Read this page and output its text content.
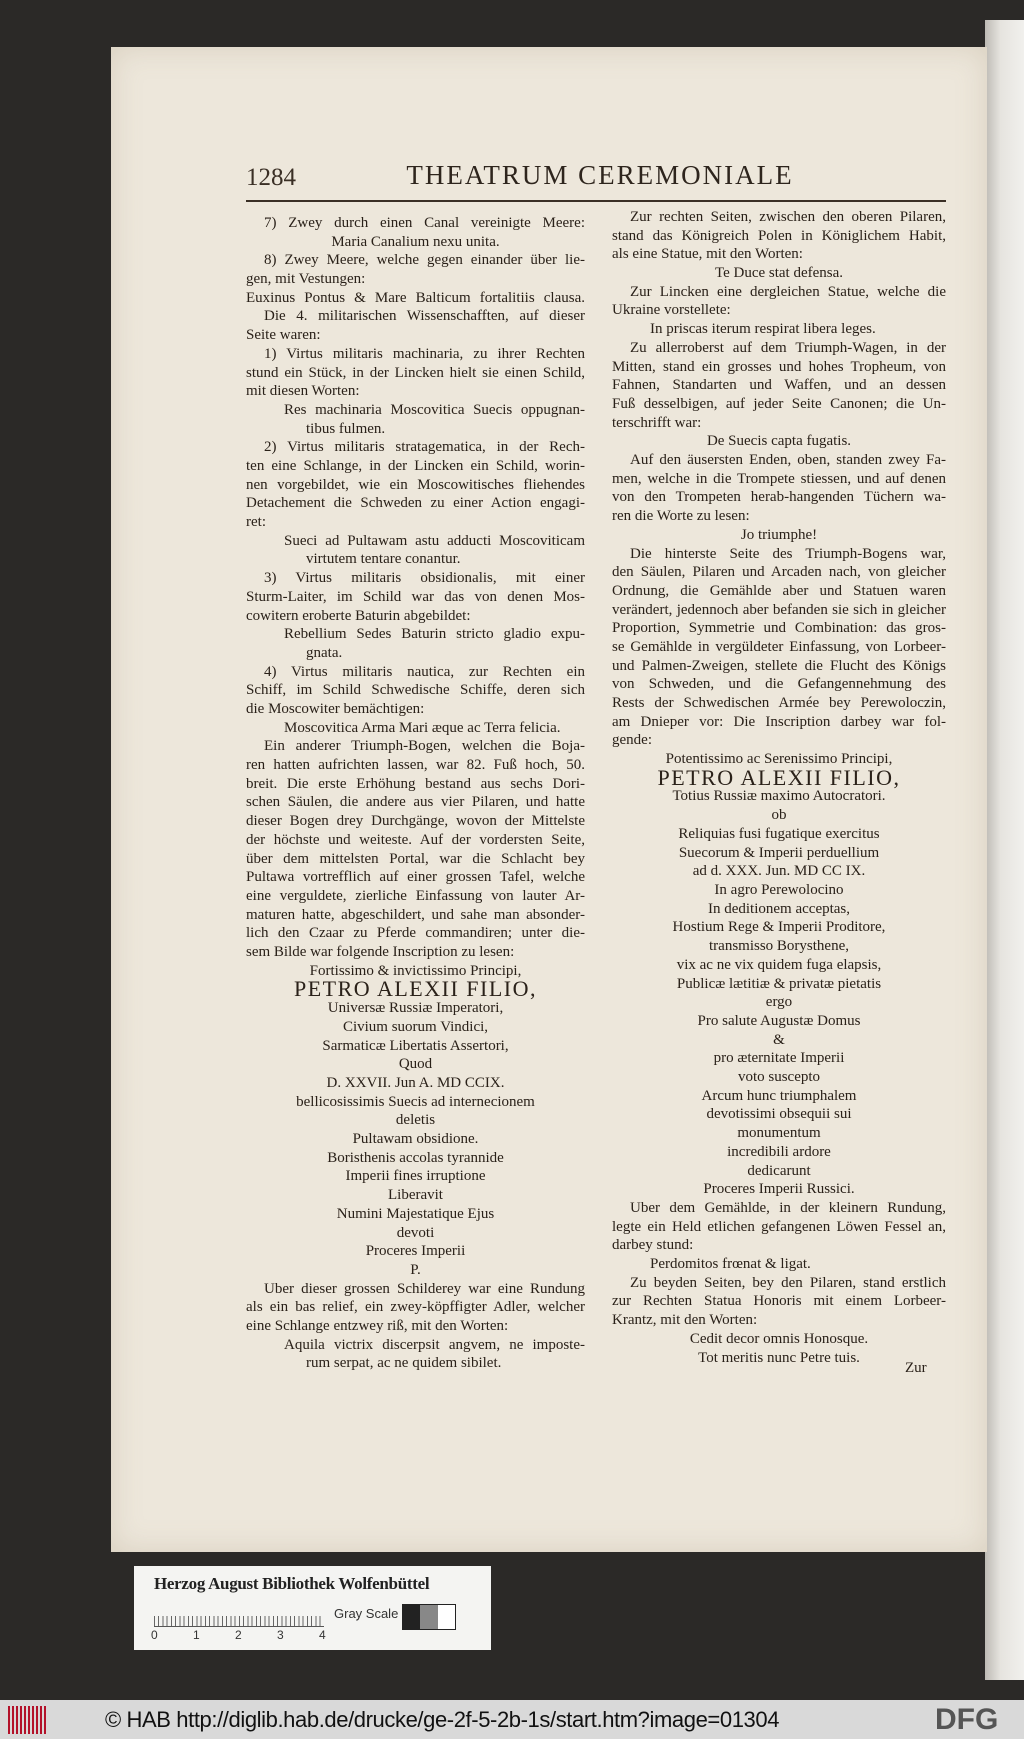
1284	THEATRUM CEREMONIALE
7) Zwey durch einen Canal vereinigte Meere:
Maria Canalium nexu unita.
8) Zwey Meere, welche gegen einander über lie-
gen, mit Vestungen:
Euxinus Pontus & Mare Balticum fortalitiis clausa.
Die 4. militarischen Wissenschafften, auf dieser
Seite waren:
1) Virtus militaris machinaria, zu ihrer Rechten
stund ein Stück, in der Lincken hielt sie einen Schild,
mit diesen Worten:
Res machinaria Moscovitica Suecis oppugnan-
tibus fulmen.
2) Virtus militaris stratagematica, in der Rech-
ten eine Schlange, in der Lincken ein Schild, worin-
nen vorgebildet, wie ein Moscowitisches fliehendes
Detachement die Schweden zu einer Action engagi-
ret:
Sueci ad Pultawam astu adducti Moscoviticam
virtutem tentare conantur.
3) Virtus militaris obsidionalis, mit einer
Sturm-Laiter, im Schild war das von denen Mos-
cowitern eroberte Baturin abgebildet:
Rebellium Sedes Baturin stricto gladio expu-
gnata.
4) Virtus militaris nautica, zur Rechten ein
Schiff, im Schild Schwedische Schiffe, deren sich
die Moscowiter bemächtigen:
Moscovitica Arma Mari æque ac Terra felicia.
Ein anderer Triumph-Bogen, welchen die Boja-
ren hatten aufrichten lassen, war 82. Fuß hoch, 50.
breit. Die erste Erhöhung bestand aus sechs Dori-
schen Säulen, die andere aus vier Pilaren, und hatte
dieser Bogen drey Durchgänge, wovon der Mittelste
der höchste und weiteste. Auf der vordersten Seite,
über dem mittelsten Portal, war die Schlacht bey
Pultawa vortrefflich auf einer grossen Tafel, welche
eine verguldete, zierliche Einfassung von lauter Ar-
maturen hatte, abgeschildert, und sahe man absonder-
lich den Czaar zu Pferde commandiren; unter die-
sem Bilde war folgende Inscription zu lesen:
Fortissimo & invictissimo Principi,
PETRO ALEXII FILIO,
Universæ Russiæ Imperatori,
Civium suorum Vindici,
Sarmaticæ Libertatis Assertori,
Quod
D. XXVII. Jun A. MD CCIX.
bellicosissimis Suecis ad internecionem
deletis
Pultawam obsidione.
Boristhenis accolas tyrannide
Imperii fines irruptione
Liberavit
Numini Majestatique Ejus
devoti
Proceres Imperii
P.
Uber dieser grossen Schilderey war eine Rundung
als ein bas relief, ein zwey-köpffigter Adler, welcher
eine Schlange entzwey riß, mit den Worten:
Aquila victrix discerpsit angvem, ne imposte-
rum serpat, ac ne quidem sibilet.
Zur rechten Seiten, zwischen den oberen Pilaren,
stand das Königreich Polen in Königlichem Habit,
als eine Statue, mit den Worten:
Te Duce stat defensa.
Zur Lincken eine dergleichen Statue, welche die
Ukraine vorstellete:
In priscas iterum respirat libera leges.
Zu allerroberst auf dem Triumph-Wagen, in der
Mitten, stand ein grosses und hohes Tropheum, von
Fahnen, Standarten und Waffen, und an dessen
Fuß desselbigen, auf jeder Seite Canonen; die Un-
terschrifft war:
De Suecis capta fugatis.
Auf den äusersten Enden, oben, standen zwey Fa-
men, welche in die Trompete stiessen, und auf denen
von den Trompeten herab-hangenden Tüchern wa-
ren die Worte zu lesen:
Jo triumphe!
Die hinterste Seite des Triumph-Bogens war,
den Säulen, Pilaren und Arcaden nach, von gleicher
Ordnung, die Gemählde aber und Statuen waren
verändert, jedennoch aber befanden sie sich in gleicher
Proportion, Symmetrie und Combination: das gros-
se Gemählde in vergüldeter Einfassung, von Lorbeer-
und Palmen-Zweigen, stellete die Flucht des Königs
von Schweden, und die Gefangennehmung des
Rests der Schwedischen Armée bey Perewoloczin,
am Dnieper vor: Die Inscription darbey war fol-
gende:
Potentissimo ac Serenissimo Principi,
PETRO ALEXII FILIO,
Totius Russiæ maximo Autocratori.
ob
Reliquias fusi fugatique exercitus
Suecorum & Imperii perduellium
ad d. XXX. Jun. MD CC IX.
In agro Perewolocino
In deditionem acceptas,
Hostium Rege & Imperii Proditore,
transmisso Borysthene,
vix ac ne vix quidem fuga elapsis,
Publicæ lætitiæ & privatæ pietatis
ergo
Pro salute Augustæ Domus
&
pro æternitate Imperii
voto suscepto
Arcum hunc triumphalem
devotissimi obsequii sui
monumentum
incredibili ardore
dedicarunt
Proceres Imperii Russici.
Uber dem Gemählde, in der kleinern Rundung,
legte ein Held etlichen gefangenen Löwen Fessel an,
darbey stund:
Perdomitos frœnat & ligat.
Zu beyden Seiten, bey den Pilaren, stand erstlich
zur Rechten Statua Honoris mit einem Lorbeer-
Krantz, mit den Worten:
Cedit decor omnis Honosque.
Tot meritis nunc Petre tuis.
Zur
Herzog August Bibliothek Wolfenbüttel
0	1	2	3	4
Gray Scale
© HAB http://diglib.hab.de/drucke/ge-2f-5-2b-1s/start.htm?image=01304	DFG
